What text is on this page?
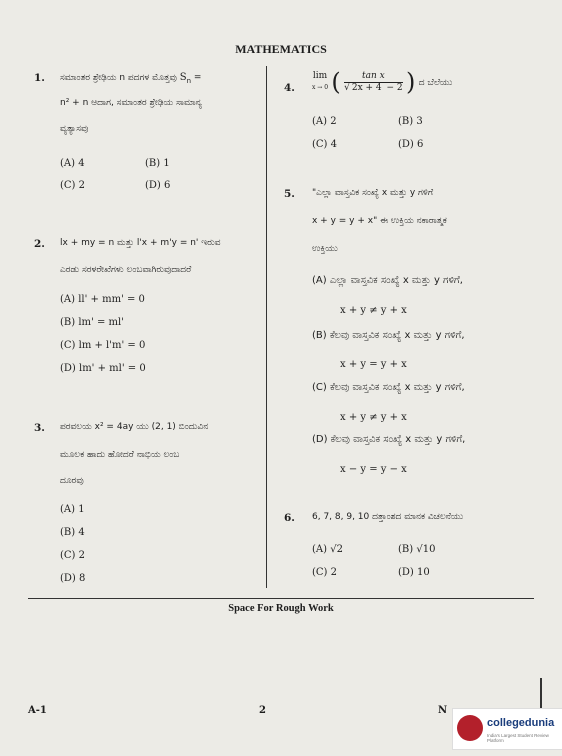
MATHEMATICS
1. ಸಮಾಂತರ ಶ್ರೇಢಿಯ n ಪದಗಳ ಮೊತ್ತವು $S_n$ =
n² + n ಆದಾಗ, ಸಮಾಂತರ ಶ್ರೇಢಿಯ ಸಾಮಾನ್ಯ
ವ್ಯತ್ಯಾಸವು
(A) 4	(B) 1
(C) 2	(D) 6
2. lx + my = n ಮತ್ತು l'x + m'y = n' ಇರುವ
ಎರಡು ಸರಳರೇಖೆಗಳು ಲಂಬವಾಗಿರುವುದಾದರೆ
(A) ll' + mm' = 0
(B) lm' = ml'
(C) lm + l'm' = 0
(D) lm' + ml' = 0
3. ಪರವಲಯ x² = 4ay ಯು (2, 1) ಬಿಂದುವಿನ
ಮೂಲಕ ಹಾದು ಹೋದರೆ ನಾಭಿಯ ಲಂಬ
ದೂರವು
(A) 1
(B) 4
(C) 2
(D) 8
4.
lim
x → 0 ( $\frac{\text{tan x}}{√ 2x + 4 - 2}$ ) ದ ಬೆಲೆಯು
(A) 2	(B) 3
(C) 4	(D) 6
5. "ಎಲ್ಲಾ ವಾಸ್ತವಿಕ ಸಂಖ್ಯೆ x ಮತ್ತು y ಗಳಿಗೆ
x + y = y + x" ಈ ಉಕ್ತಿಯ ನಕಾರಾತ್ಮಕ
ಉಕ್ತಿಯು
(A) ಎಲ್ಲಾ ವಾಸ್ತವಿಕ ಸಂಖ್ಯೆ x ಮತ್ತು y ಗಳಿಗೆ,
x + y ≠ y + x
(B) ಕೆಲವು ವಾಸ್ತವಿಕ ಸಂಖ್ಯೆ x ಮತ್ತು y ಗಳಿಗೆ,
x + y = y + x
(C) ಕೆಲವು ವಾಸ್ತವಿಕ ಸಂಖ್ಯೆ x ಮತ್ತು y ಗಳಿಗೆ,
x + y ≠ y + x
(D) ಕೆಲವು ವಾಸ್ತವಿಕ ಸಂಖ್ಯೆ x ಮತ್ತು y ಗಳಿಗೆ,
x − y = y − x
6. 6, 7, 8, 9, 10 ದತ್ತಾಂಶದ ಮಾನಕ ವಿಚಲನೆಯು
(A) √2	(B) √10
(C) 2	(D) 10
Space For Rough Work
A-1	2	N
collegedunia
India's Largest Student Review Platform
